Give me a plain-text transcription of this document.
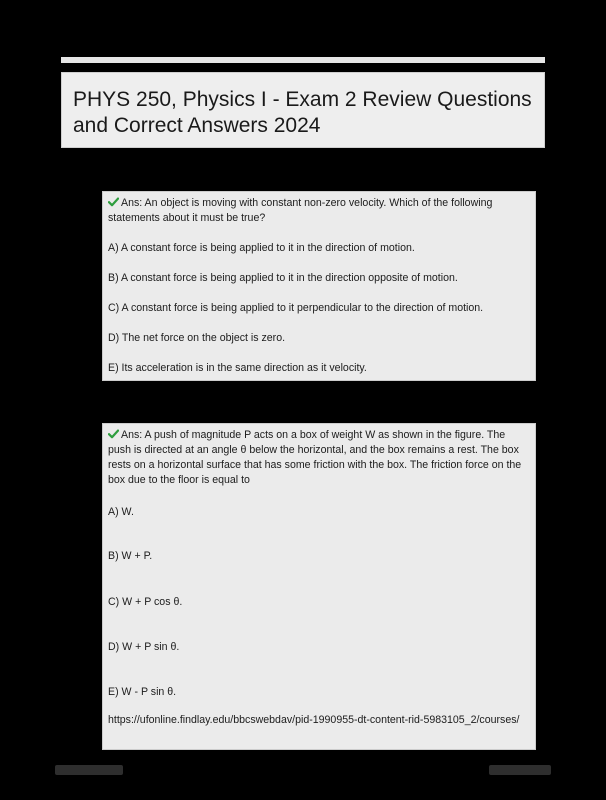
PHYS 250, Physics I - Exam 2 Review Questions
and Correct Answers 2024

Ans: An object is moving with constant non-zero velocity. Which of the following

statements about it must be true?

A) A constant force is being applied to it in the direction of motion.
B) A constant force is being applied to it in the direction opposite of motion.
C) A constant force is being applied to it perpendicular to the direction of motion.
D) The net force on the object is zero.
E) Its acceleration is in the same direction as it velocity.

Ans: A push of magnitude P acts on a box of weight W as shown in the figure. The

push is directed at an angle θ below the horizontal, and the box remains a rest. The box

rests on a horizontal surface that has some friction with the box. The friction force on the

box due to the floor is equal to

A) W.
B) W + P.
C) W + P cos θ.
D) W + P sin θ.
E) W - P sin θ.
https://ufonline.findlay.edu/bbcswebdav/pid-1990955-dt-content-rid-5983105_2/courses/
